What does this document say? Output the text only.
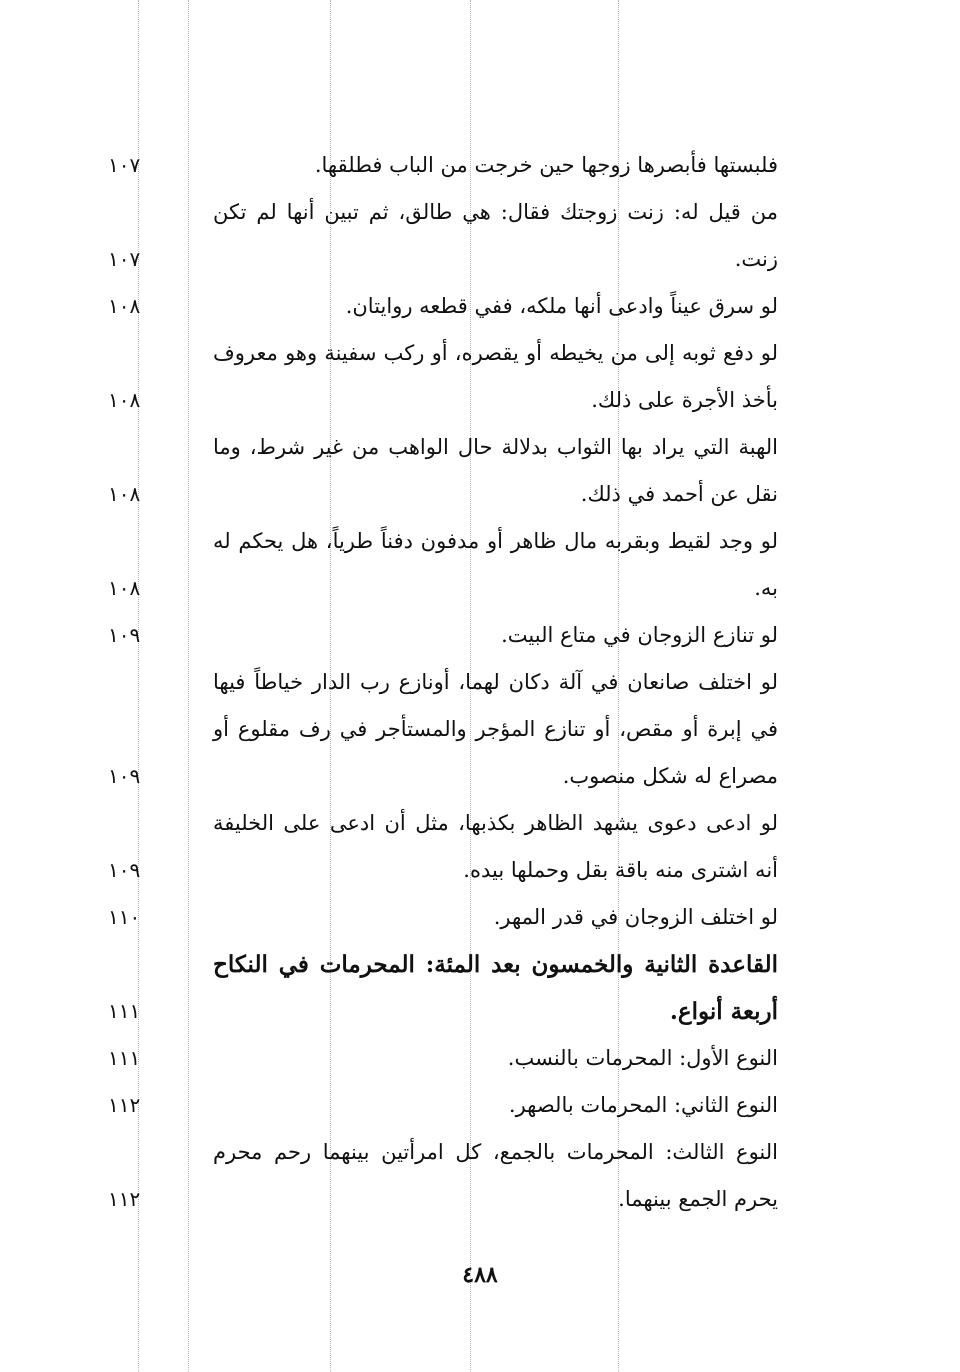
فلبستها فأبصرها زوجها حين خرجت من الباب فطلقها.
١٠٧
من قيل له: زنت زوجتك فقال: هي طالق، ثم تبين أنها لم تكن زنت.
١٠٧
لو سرق عيناً وادعى أنها ملكه، ففي قطعه روايتان.
١٠٨
لو دفع ثوبه إلى من يخيطه أو يقصره، أو ركب سفينة وهو معروف بأخذ الأجرة على ذلك.
١٠٨
الهبة التي يراد بها الثواب بدلالة حال الواهب من غير شرط، وما نقل عن أحمد في ذلك.
١٠٨
لو وجد لقيط وبقربه مال ظاهر أو مدفون دفناً طرياً، هل يحكم له به.
١٠٨
لو تنازع الزوجان في متاع البيت.
١٠٩
لو اختلف صانعان في آلة دكان لهما، أونازع رب الدار خياطاً فيها في إبرة أو مقص، أو تنازع المؤجر والمستأجر في رف مقلوع أو مصراع له شكل منصوب.
١٠٩
لو ادعى دعوى يشهد الظاهر بكذبها، مثل أن ادعى على الخليفة أنه اشترى منه باقة بقل وحملها بيده.
١٠٩
لو اختلف الزوجان في قدر المهر.
١١٠
القاعدة الثانية والخمسون بعد المئة: المحرمات في النكاح أربعة أنواع.
١١١
النوع الأول: المحرمات بالنسب.
١١١
النوع الثاني: المحرمات بالصهر.
١١٢
النوع الثالث: المحرمات بالجمع، كل امرأتين بينهما رحم محرم يحرم الجمع بينهما.
١١٢
٤٨٨
